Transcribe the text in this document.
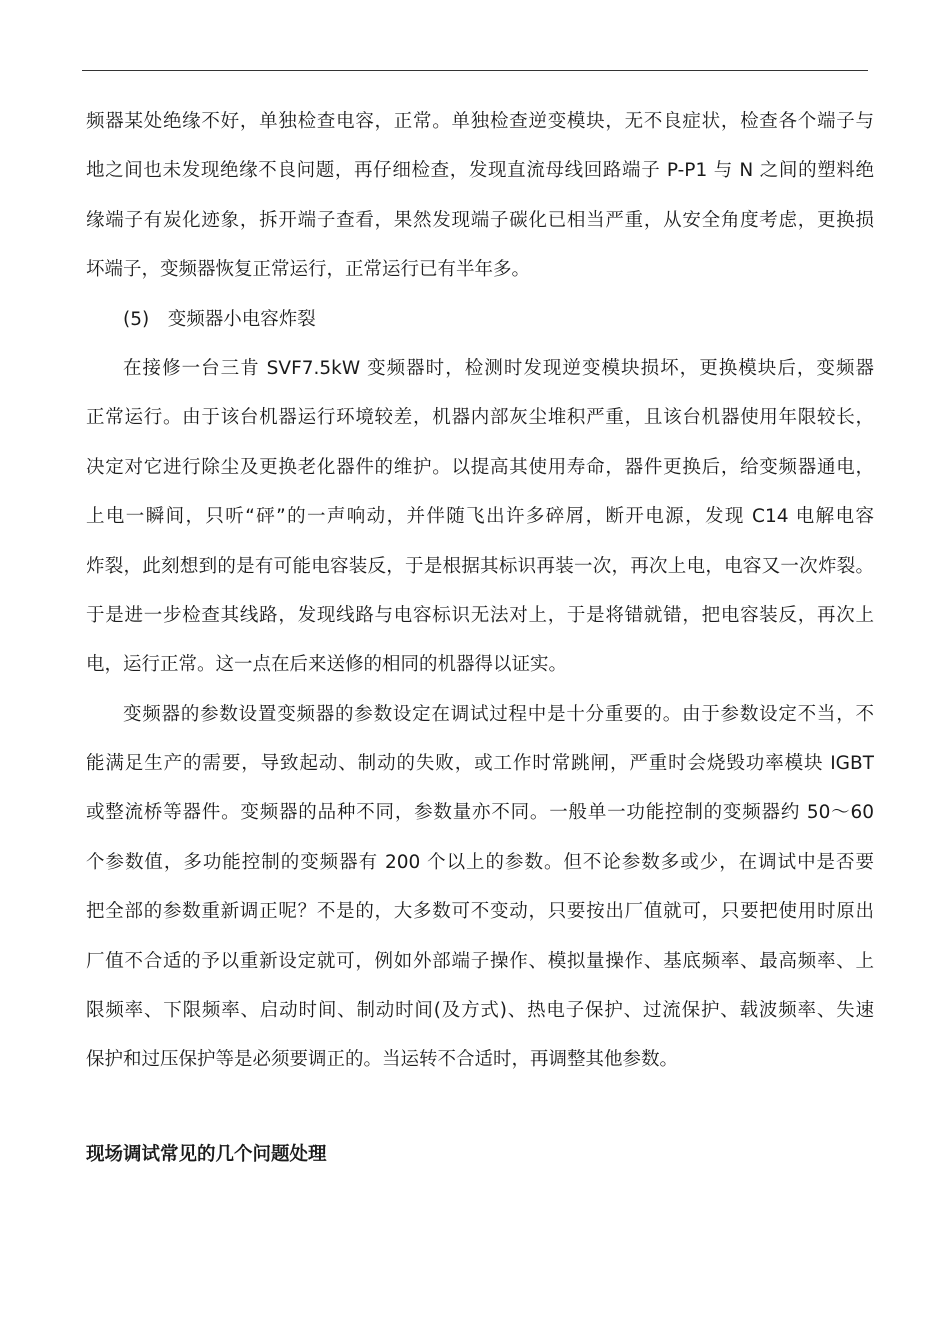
频器某处绝缘不好，单独检查电容，正常。单独检查逆变模块，无不良症状，检查各个端子与
地之间也未发现绝缘不良问题，再仔细检查，发现直流母线回路端子 P-P1 与 N 之间的塑料绝
缘端子有炭化迹象，拆开端子查看，果然发现端子碳化已相当严重，从安全角度考虑，更换损
坏端子，变频器恢复正常运行，正常运行已有半年多。
(5)　变频器小电容炸裂
在接修一台三肯 SVF7.5kW 变频器时，检测时发现逆变模块损坏，更换模块后，变频器
正常运行。由于该台机器运行环境较差，机器内部灰尘堆积严重，且该台机器使用年限较长，
决定对它进行除尘及更换老化器件的维护。以提高其使用寿命，器件更换后，给变频器通电，
上电一瞬间，只听“砰”的一声响动，并伴随飞出许多碎屑，断开电源，发现 C14 电解电容
炸裂，此刻想到的是有可能电容装反，于是根据其标识再装一次，再次上电，电容又一次炸裂。
于是进一步检查其线路，发现线路与电容标识无法对上，于是将错就错，把电容装反，再次上
电，运行正常。这一点在后来送修的相同的机器得以证实。
变频器的参数设置变频器的参数设定在调试过程中是十分重要的。由于参数设定不当，不
能满足生产的需要，导致起动、制动的失败，或工作时常跳闸，严重时会烧毁功率模块 IGBT
或整流桥等器件。变频器的品种不同，参数量亦不同。一般单一功能控制的变频器约 50～60
个参数值，多功能控制的变频器有 200 个以上的参数。但不论参数多或少，在调试中是否要
把全部的参数重新调正呢？不是的，大多数可不变动，只要按出厂值就可，只要把使用时原出
厂值不合适的予以重新设定就可，例如外部端子操作、模拟量操作、基底频率、最高频率、上
限频率、下限频率、启动时间、制动时间(及方式)、热电子保护、过流保护、载波频率、失速
保护和过压保护等是必须要调正的。当运转不合适时，再调整其他参数。
现场调试常见的几个问题处理
